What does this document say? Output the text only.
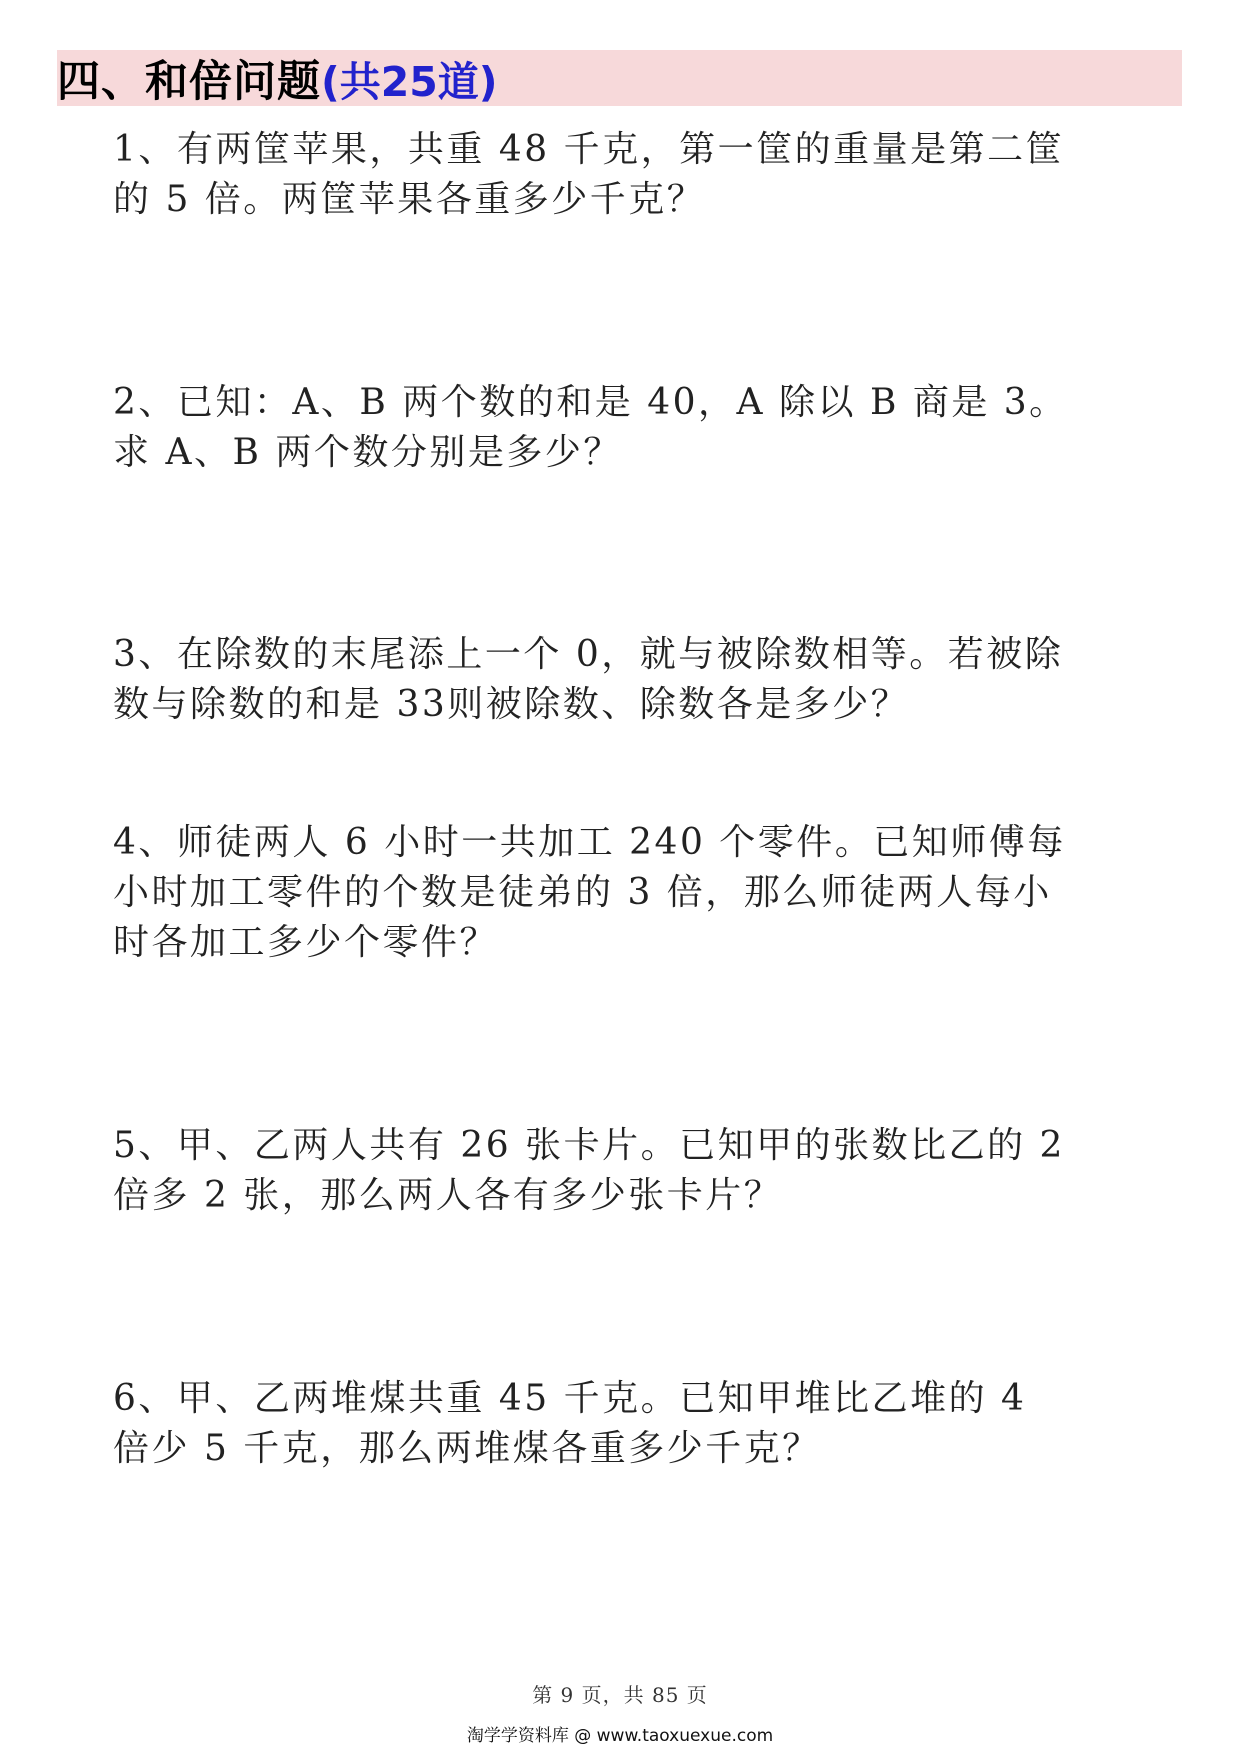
四、和倍问题 (共25道)

1、有两筐苹果，共重 48 千克，第一筐的重量是第二筐的 5 倍。两筐苹果各重多少千克？

2、已知：A、B 两个数的和是 40，A 除以 B 商是 3。求 A、B 两个数分别是多少？

3、在除数的末尾添上一个 0，就与被除数相等。若被除数与除数的和是 33则被除数、除数各是多少？

4、师徒两人 6 小时一共加工 240 个零件。已知师傅每小时加工零件的个数是徒弟的 3 倍，那么师徒两人每小时各加工多少个零件？

5、甲、乙两人共有 26 张卡片。已知甲的张数比乙的 2 倍多 2 张，那么两人各有多少张卡片？

6、甲、乙两堆煤共重 45 千克。已知甲堆比乙堆的 4 倍少 5 千克，那么两堆煤各重多少千克？

第 9 页，共 85 页
淘学学资料库 @ www.taoxuexue.com
